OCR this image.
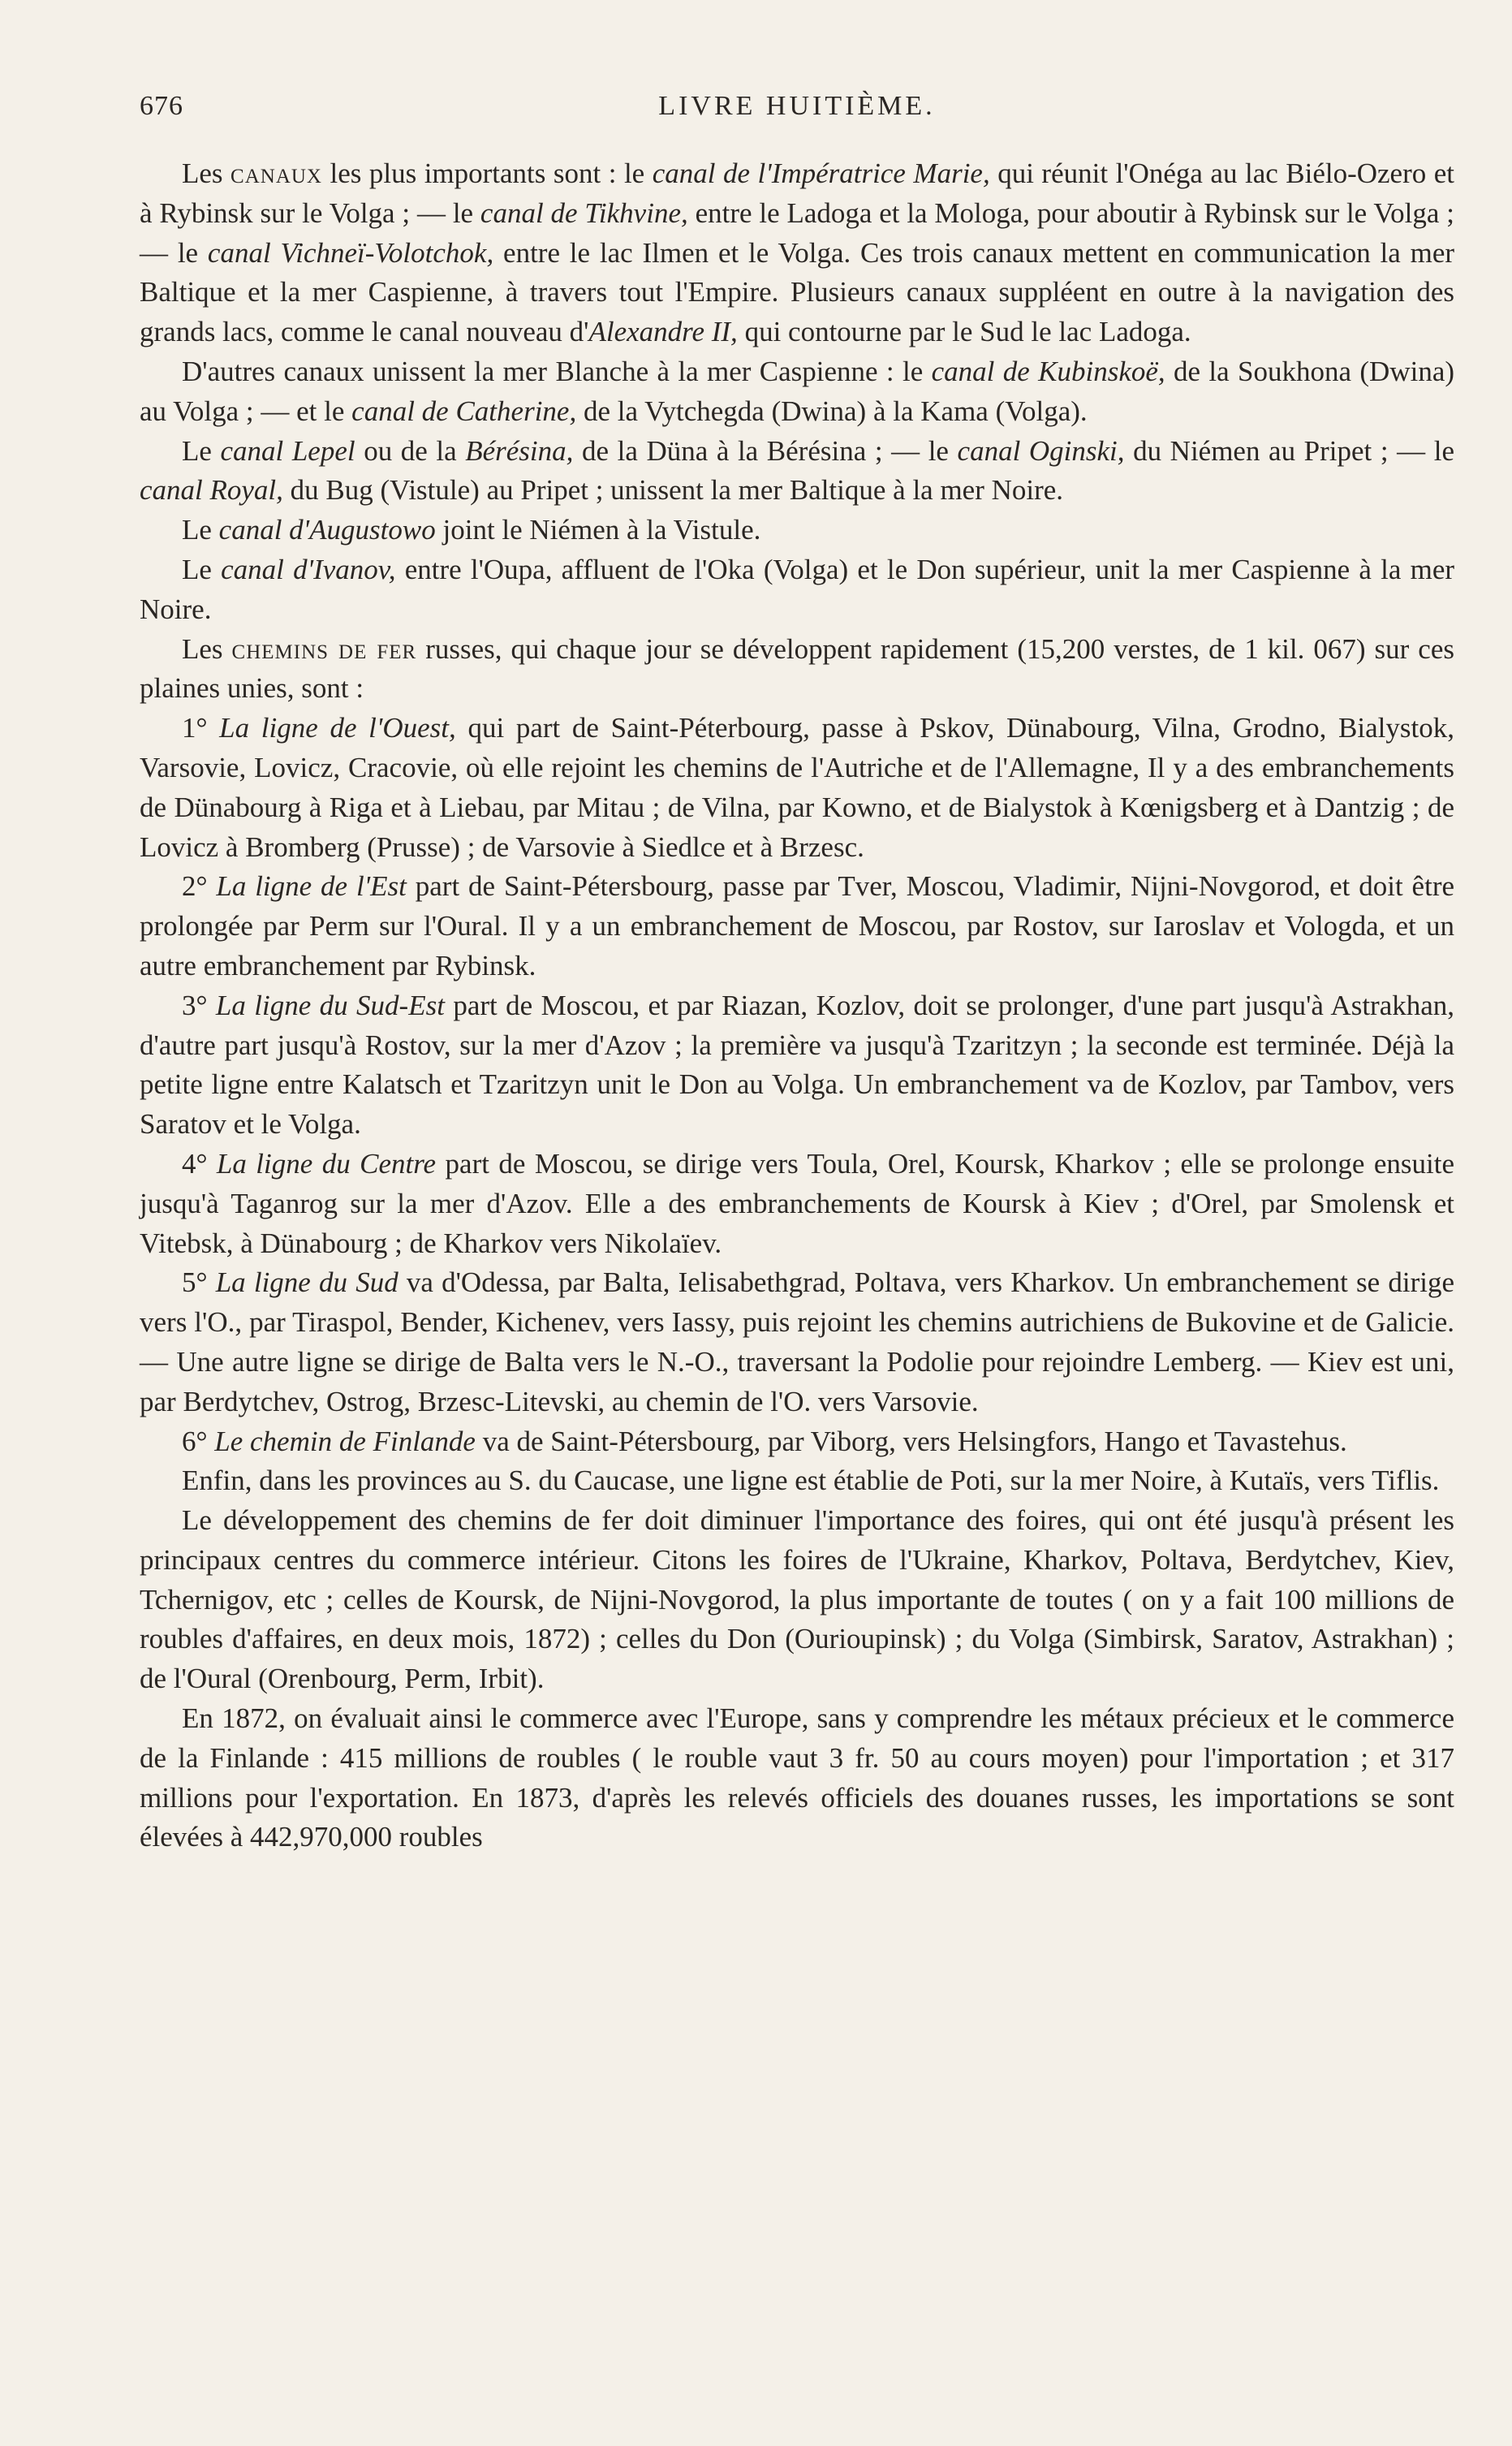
676	LIVRE HUITIÈME.

Les canaux les plus importants sont : le canal de l'Impératrice Marie, qui réunit l'Onéga au lac Biélo-Ozero et à Rybinsk sur le Volga ; — le canal de Tikhvine, entre le Ladoga et la Mologa, pour aboutir à Rybinsk sur le Volga ; — le canal Vichneï-Volotchok, entre le lac Ilmen et le Volga. Ces trois canaux mettent en communication la mer Baltique et la mer Caspienne, à travers tout l'Empire. Plusieurs canaux suppléent en outre à la navigation des grands lacs, comme le canal nouveau d'Alexandre II, qui contourne par le Sud le lac Ladoga.

D'autres canaux unissent la mer Blanche à la mer Caspienne : le canal de Kubinskoë, de la Soukhona (Dwina) au Volga ; — et le canal de Catherine, de la Vytchegda (Dwina) à la Kama (Volga).

Le canal Lepel ou de la Bérésina, de la Düna à la Bérésina ; — le canal Oginski, du Niémen au Pripet ; — le canal Royal, du Bug (Vistule) au Pripet ; unissent la mer Baltique à la mer Noire.

Le canal d'Augustowo joint le Niémen à la Vistule.

Le canal d'Ivanov, entre l'Oupa, affluent de l'Oka (Volga) et le Don supérieur, unit la mer Caspienne à la mer Noire.

Les chemins de fer russes, qui chaque jour se développent rapidement (15,200 verstes, de 1 kil. 067) sur ces plaines unies, sont :

1° La ligne de l'Ouest, qui part de Saint-Péterbourg, passe à Pskov, Dünabourg, Vilna, Grodno, Bialystok, Varsovie, Lovicz, Cracovie, où elle rejoint les chemins de l'Autriche et de l'Allemagne, Il y a des embranchements de Dünabourg à Riga et à Liebau, par Mitau ; de Vilna, par Kowno, et de Bialystok à Kœnigsberg et à Dantzig ; de Lovicz à Bromberg (Prusse) ; de Varsovie à Siedlce et à Brzesc.

2° La ligne de l'Est part de Saint-Pétersbourg, passe par Tver, Moscou, Vladimir, Nijni-Novgorod, et doit être prolongée par Perm sur l'Oural. Il y a un embranchement de Moscou, par Rostov, sur Iaroslav et Vologda, et un autre embranchement par Rybinsk.

3° La ligne du Sud-Est part de Moscou, et par Riazan, Kozlov, doit se prolonger, d'une part jusqu'à Astrakhan, d'autre part jusqu'à Rostov, sur la mer d'Azov ; la première va jusqu'à Tzaritzyn ; la seconde est terminée. Déjà la petite ligne entre Kalatsch et Tzaritzyn unit le Don au Volga. Un embranchement va de Kozlov, par Tambov, vers Saratov et le Volga.

4° La ligne du Centre part de Moscou, se dirige vers Toula, Orel, Koursk, Kharkov ; elle se prolonge ensuite jusqu'à Taganrog sur la mer d'Azov. Elle a des embranchements de Koursk à Kiev ; d'Orel, par Smolensk et Vitebsk, à Dünabourg ; de Kharkov vers Nikolaïev.

5° La ligne du Sud va d'Odessa, par Balta, Ielisabethgrad, Poltava, vers Kharkov. Un embranchement se dirige vers l'O., par Tiraspol, Bender, Kichenev, vers Iassy, puis rejoint les chemins autrichiens de Bukovine et de Galicie. — Une autre ligne se dirige de Balta vers le N.-O., traversant la Podolie pour rejoindre Lemberg. — Kiev est uni, par Berdytchev, Ostrog, Brzesc-Litevski, au chemin de l'O. vers Varsovie.

6° Le chemin de Finlande va de Saint-Pétersbourg, par Viborg, vers Helsingfors, Hango et Tavastehus.

Enfin, dans les provinces au S. du Caucase, une ligne est établie de Poti, sur la mer Noire, à Kutaïs, vers Tiflis.

Le développement des chemins de fer doit diminuer l'importance des foires, qui ont été jusqu'à présent les principaux centres du commerce intérieur. Citons les foires de l'Ukraine, Kharkov, Poltava, Berdytchev, Kiev, Tchernigov, etc ; celles de Koursk, de Nijni-Novgorod, la plus importante de toutes ( on y a fait 100 millions de roubles d'affaires, en deux mois, 1872) ; celles du Don (Ourioupinsk) ; du Volga (Simbirsk, Saratov, Astrakhan) ; de l'Oural (Orenbourg, Perm, Irbit).

En 1872, on évaluait ainsi le commerce avec l'Europe, sans y comprendre les métaux précieux et le commerce de la Finlande : 415 millions de roubles ( le rouble vaut 3 fr. 50 au cours moyen) pour l'importation ; et 317 millions pour l'exportation. En 1873, d'après les relevés officiels des douanes russes, les importations se sont élevées à 442,970,000 roubles
